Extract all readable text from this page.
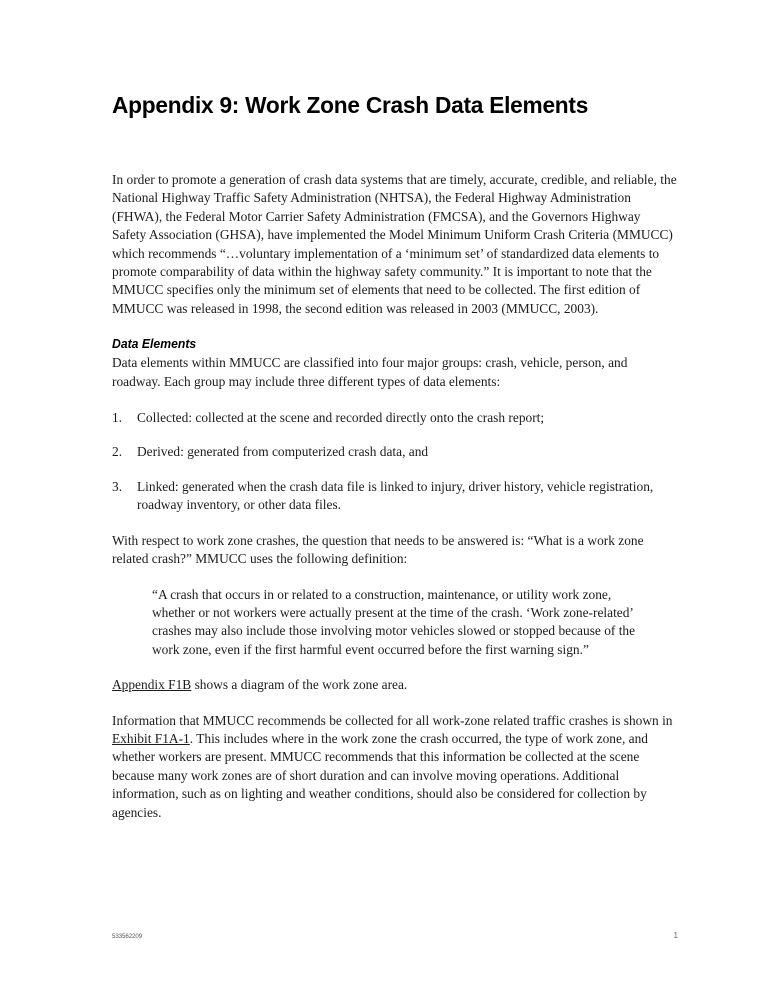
Appendix 9: Work Zone Crash Data Elements

In order to promote a generation of crash data systems that are timely, accurate, credible, and reliable, the National Highway Traffic Safety Administration (NHTSA), the Federal Highway Administration (FHWA), the Federal Motor Carrier Safety Administration (FMCSA), and the Governors Highway Safety Association (GHSA), have implemented the Model Minimum Uniform Crash Criteria (MMUCC) which recommends “…voluntary implementation of a ‘minimum set’ of standardized data elements to promote comparability of data within the highway safety community.” It is important to note that the MMUCC specifies only the minimum set of elements that need to be collected. The first edition of MMUCC was released in 1998, the second edition was released in 2003 (MMUCC, 2003).

Data Elements

Data elements within MMUCC are classified into four major groups: crash, vehicle, person, and roadway. Each group may include three different types of data elements:

1.	Collected: collected at the scene and recorded directly onto the crash report;
2.	Derived: generated from computerized crash data, and
3.	Linked: generated when the crash data file is linked to injury, driver history, vehicle registration, roadway inventory, or other data files.

With respect to work zone crashes, the question that needs to be answered is: “What is a work zone related crash?” MMUCC uses the following definition:

“A crash that occurs in or related to a construction, maintenance, or utility work zone, whether or not workers were actually present at the time of the crash. ‘Work zone-related’ crashes may also include those involving motor vehicles slowed or stopped because of the work zone, even if the first harmful event occurred before the first warning sign.”

Appendix F1B shows a diagram of the work zone area.

Information that MMUCC recommends be collected for all work-zone related traffic crashes is shown in Exhibit F1A-1. This includes where in the work zone the crash occurred, the type of work zone, and whether workers are present. MMUCC recommends that this information be collected at the scene because many work zones are of short duration and can involve moving operations. Additional information, such as on lighting and weather conditions, should also be considered for collection by agencies.

533562209	1
